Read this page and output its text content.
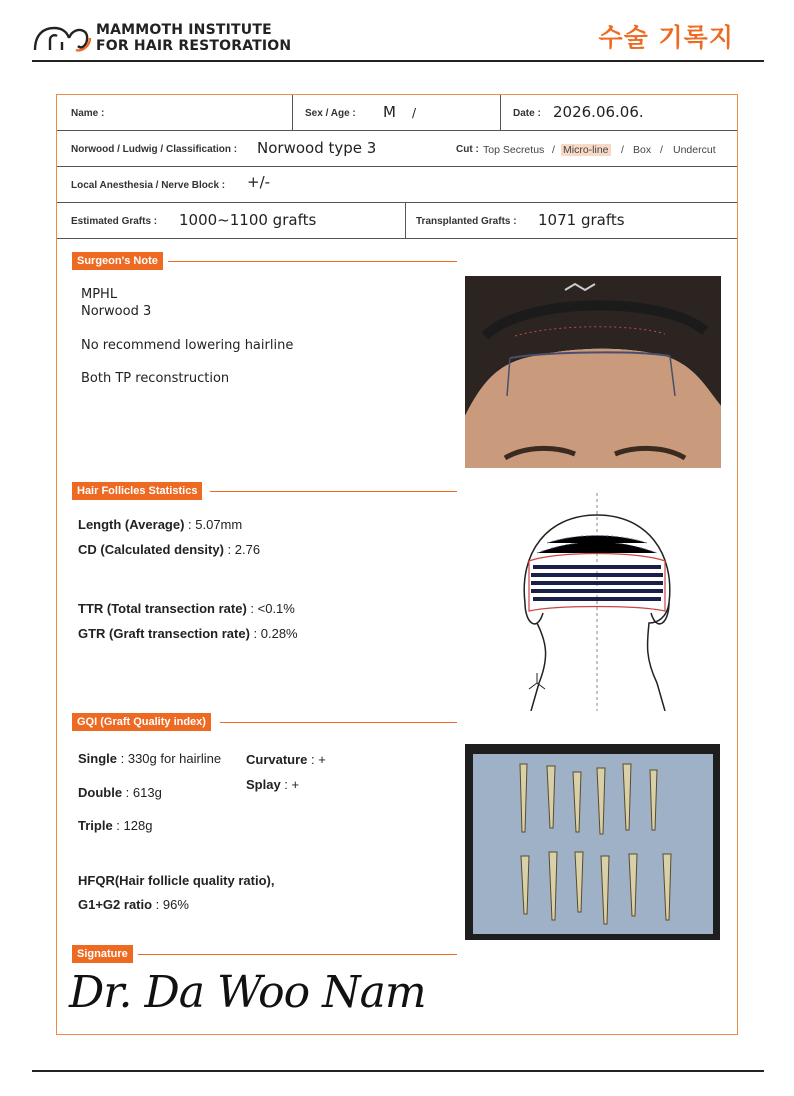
MAMMOTH INSTITUTE
FOR HAIR RESTORATION	수술 기록지
Name :	Sex / Age : M /	Date : 2026.06.06.
Norwood / Ludwig / Classification : Norwood type 3	Cut : Top Secretus / Micro-line / Box / Undercut
Local Anesthesia / Nerve Block : +/-
Estimated Grafts : 1000~1100 grafts	Transplanted Grafts : 1071 grafts
Surgeon's Note
MPHL
Norwood 3
No recommend lowering hairline
Both TP reconstruction
Hair Follicles Statistics
Length (Average) : 5.07mm
CD (Calculated density) : 2.76
TTR (Total transection rate) : <0.1%
GTR (Graft transection rate) : 0.28%
GQI (Graft Quality index)
Single : 330g for hairline Curvature : +
Splay : +
Double : 613g
Triple : 128g
HFQR(Hair follicle quality ratio),
G1+G2 ratio : 96%
Signature
Dr. Da Woo Nam
